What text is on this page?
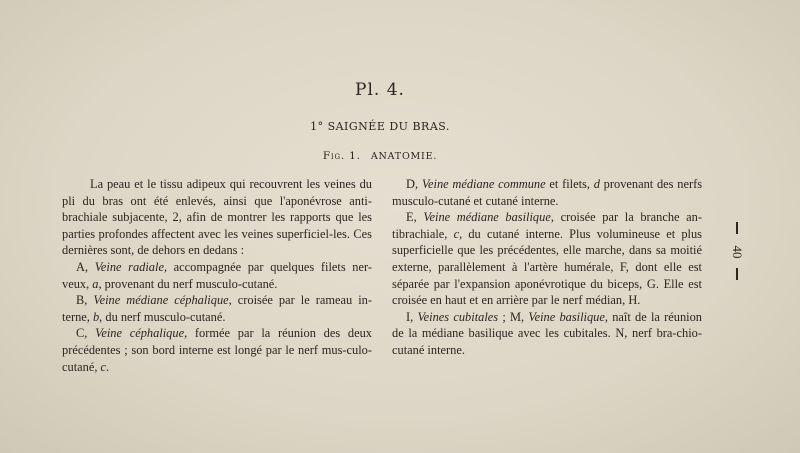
Pl. 4.
1° SAIGNÉE DU BRAS.
Fig. 1. ANATOMIE.

La peau et le tissu adipeux qui recouvrent les veines du pli du bras ont été enlevés, ainsi que l'aponévrose anti-brachiale subjacente, 2, afin de montrer les rapports que les parties profondes affectent avec les veines superficiel-les. Ces dernières sont, de dehors en dedans :

A, Veine radiale, accompagnée par quelques filets ner-veux, a, provenant du nerf musculo-cutané.

B, Veine médiane céphalique, croisée par le rameau in-terne, b, du nerf musculo-cutané.

C, Veine céphalique, formée par la réunion des deux précédentes ; son bord interne est longé par le nerf mus-culo-cutané, c.

D, Veine médiane commune et filets, d provenant des nerfs musculo-cutané et cutané interne.

E, Veine médiane basilique, croisée par la branche an-tibrachiale, c, du cutané interne. Plus volumineuse et plus superficielle que les précédentes, elle marche, dans sa moitié externe, parallèlement à l'artère humérale, F, dont elle est séparée par l'expansion aponévrotique du biceps, G. Elle est croisée en haut et en arrière par le nerf médian, H.

I, Veines cubitales ; M, Veine basilique, naît de la réunion de la médiane basilique avec les cubitales. N, nerf bra-chio-cutané interne.

40
